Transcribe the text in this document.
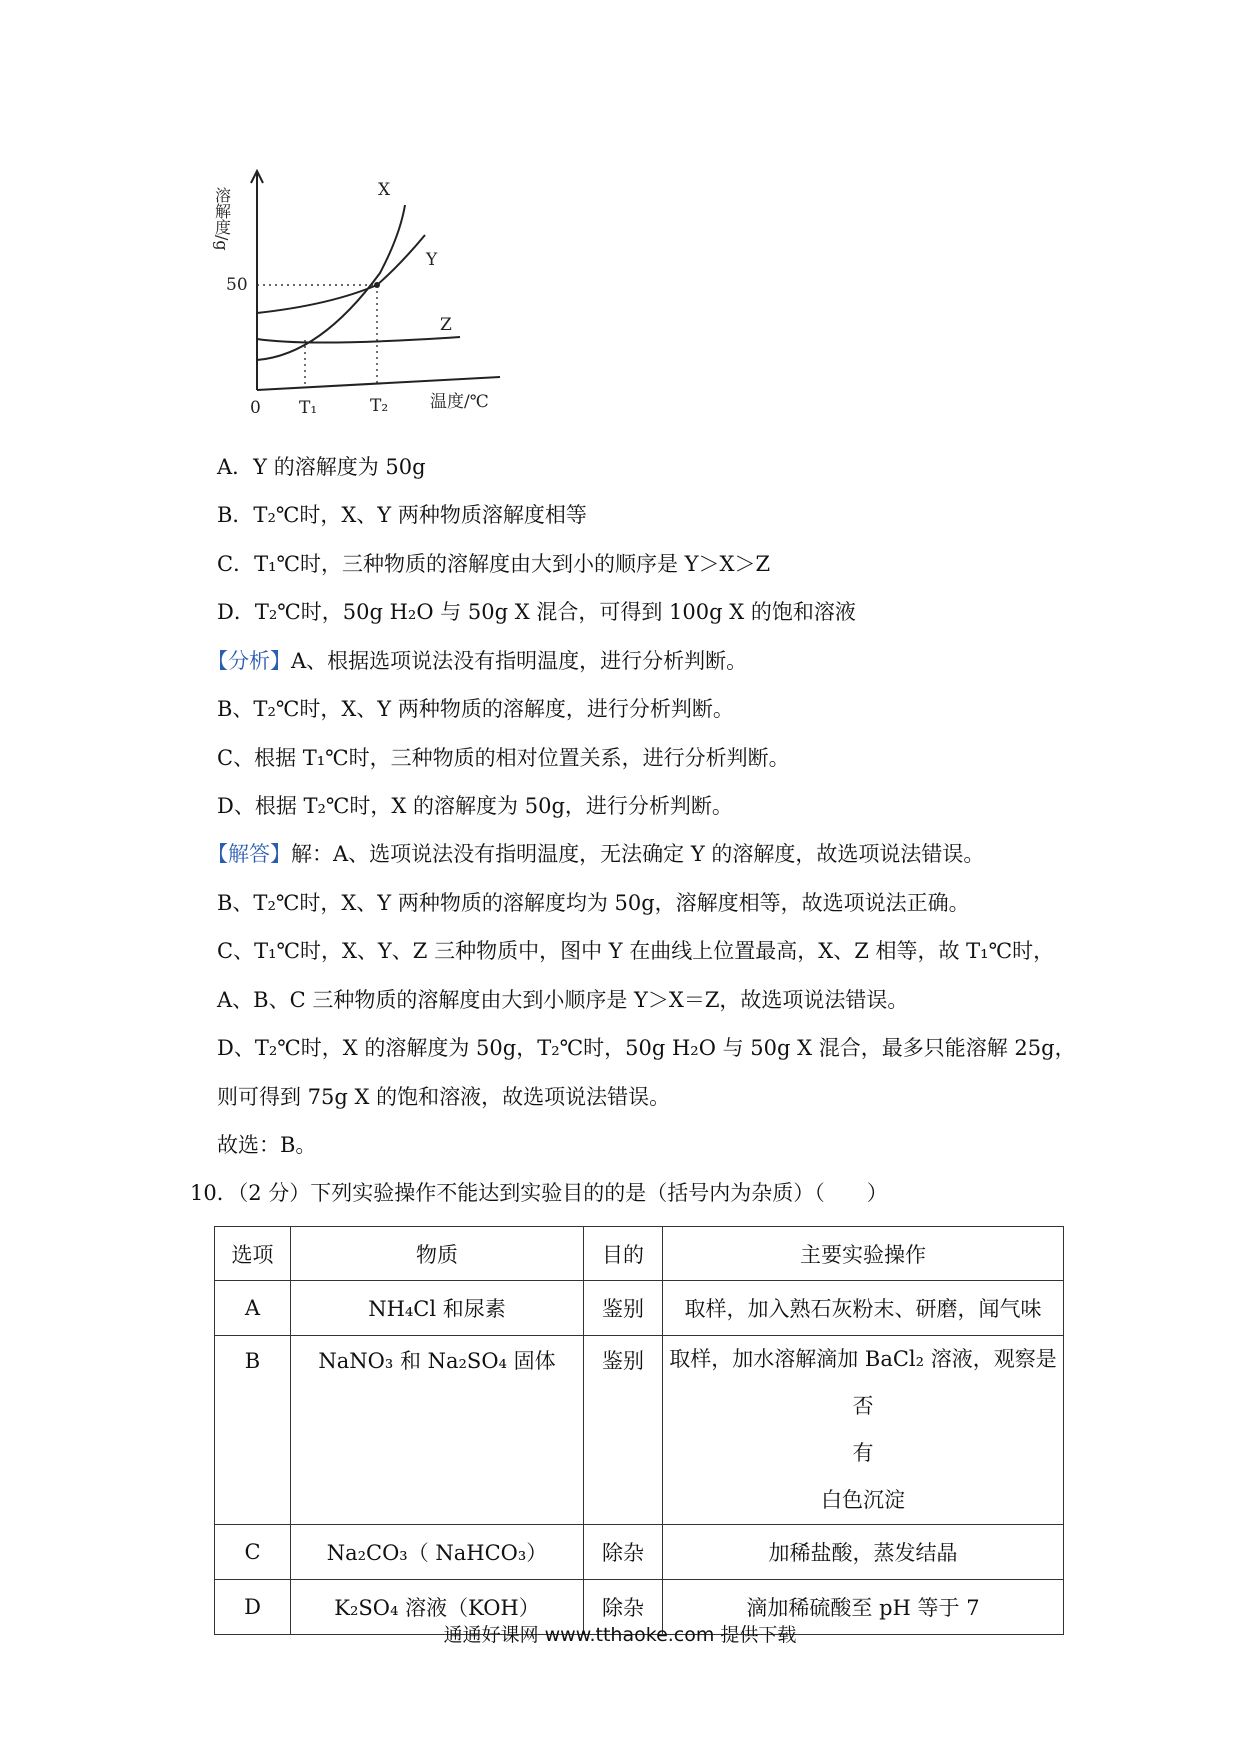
溶解度/g
50
0 T₁	T₂ 温度/℃
X
Y
Z
A．Y 的溶解度为 50g
B．T₂℃时，X、Y 两种物质溶解度相等
C．T₁℃时，三种物质的溶解度由大到小的顺序是 Y＞X＞Z
D．T₂℃时，50g H₂O 与 50g X 混合，可得到 100g X 的饱和溶液
【分析】A、根据选项说法没有指明温度，进行分析判断。
B、T₂℃时，X、Y 两种物质的溶解度，进行分析判断。
C、根据 T₁℃时，三种物质的相对位置关系，进行分析判断。
D、根据 T₂℃时，X 的溶解度为 50g，进行分析判断。
【解答】解：A、选项说法没有指明温度，无法确定 Y 的溶解度，故选项说法错误。
B、T₂℃时，X、Y 两种物质的溶解度均为 50g，溶解度相等，故选项说法正确。
C、T₁℃时，X、Y、Z 三种物质中，图中 Y 在曲线上位置最高，X、Z 相等，故 T₁℃时，
A、B、C 三种物质的溶解度由大到小顺序是 Y＞X＝Z，故选项说法错误。
D、T₂℃时，X 的溶解度为 50g，T₂℃时，50g H₂O 与 50g X 混合，最多只能溶解 25g，
则可得到 75g X 的饱和溶液，故选项说法错误。
故选：B。
10．（2 分）下列实验操作不能达到实验目的的是（括号内为杂质）（　　）
选项	物质	目的	主要实验操作
A	NH₄Cl 和尿素	鉴别	取样，加入熟石灰粉末、研磨，闻气味
B	NaNO₃ 和 Na₂SO₄ 固体	鉴别	取样，加水溶解滴加 BaCl₂ 溶液，观察是否
有
白色沉淀

C	Na₂CO₃（ NaHCO₃）	除杂	加稀盐酸，蒸发结晶
D	K₂SO₄ 溶液（KOH）	除杂	滴加稀硫酸至 pH 等于 7
通通好课网 www.tthaoke.com 提供下载
